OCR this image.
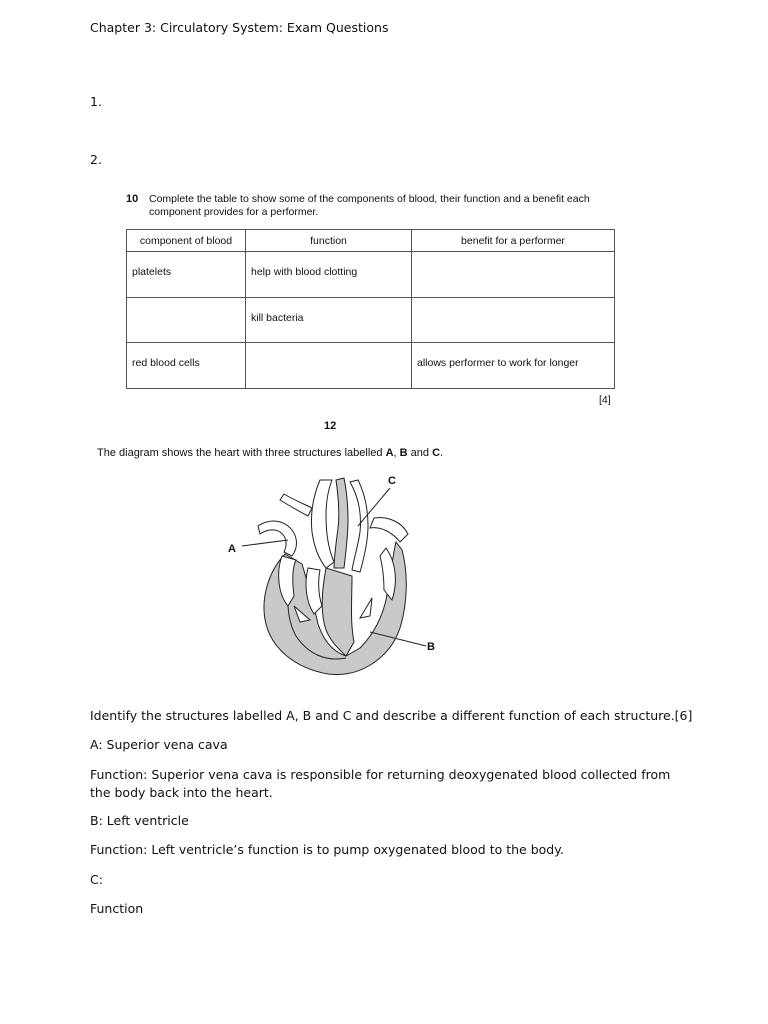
Chapter 3: Circulatory System: Exam Questions
1.
2.
10 Complete the table to show some of the components of blood, their function and a benefit each component provides for a performer.
component of blood	function	benefit for a performer
platelets	help with blood clotting	
	kill bacteria	
red blood cells		allows performer to work for longer
[4]
12
The diagram shows the heart with three structures labelled A, B and C.
A
B
C
Identify the structures labelled A, B and C and describe a different function of each structure.[6]
A: Superior vena cava
Function: Superior vena cava is responsible for returning deoxygenated blood collected from the body back into the heart.
B: Left ventricle
Function: Left ventricle’s function is to pump oxygenated blood to the body.
C:
Function
